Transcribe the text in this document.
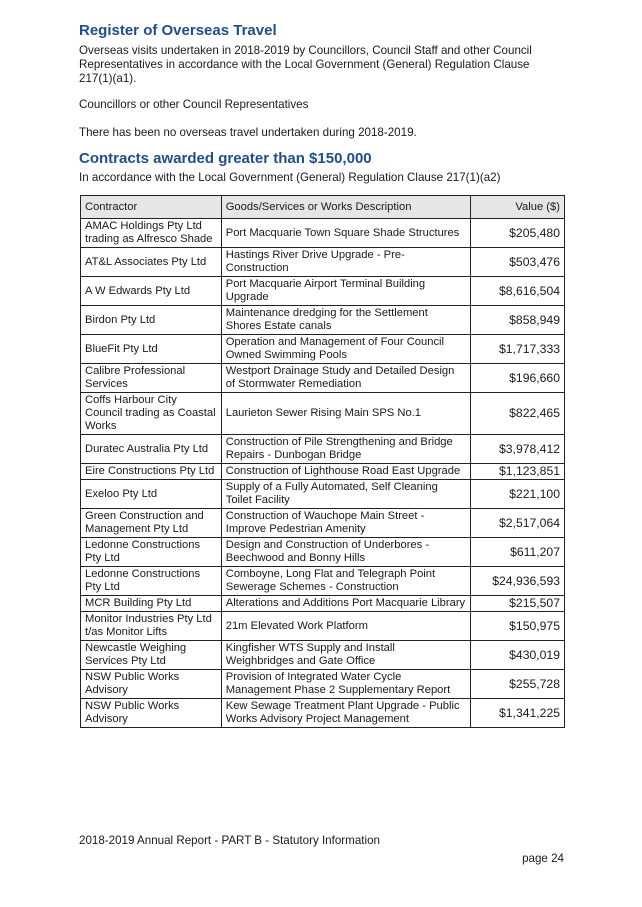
Register of Overseas Travel
Overseas visits undertaken in 2018-2019 by Councillors, Council Staff and other Council Representatives in accordance with the Local Government (General) Regulation Clause 217(1)(a1).
Councillors or other Council Representatives
There has been no overseas travel undertaken during 2018-2019.
Contracts awarded greater than $150,000
In accordance with the Local Government (General) Regulation Clause 217(1)(a2)
Contractor	Goods/Services or Works Description	Value ($)
AMAC Holdings Pty Ltd trading as Alfresco Shade	Port Macquarie Town Square Shade Structures	$205,480
AT&L Associates Pty Ltd	Hastings River Drive Upgrade - Pre-Construction	$503,476
A W Edwards Pty Ltd	Port Macquarie Airport Terminal Building Upgrade	$8,616,504
Birdon Pty Ltd	Maintenance dredging for the Settlement Shores Estate canals	$858,949
BlueFit Pty Ltd	Operation and Management of Four Council Owned Swimming Pools	$1,717,333
Calibre Professional Services	Westport Drainage Study and Detailed Design of Stormwater Remediation	$196,660
Coffs Harbour City Council trading as Coastal Works	Laurieton Sewer Rising Main SPS No.1	$822,465
Duratec Australia Pty Ltd	Construction of Pile Strengthening and Bridge Repairs - Dunbogan Bridge	$3,978,412
Eire Constructions Pty Ltd	Construction of Lighthouse Road East Upgrade	$1,123,851
Exeloo Pty Ltd	Supply of a Fully Automated, Self Cleaning Toilet Facility	$221,100
Green Construction and Management Pty Ltd	Construction of Wauchope Main Street - Improve Pedestrian Amenity	$2,517,064
Ledonne Constructions Pty Ltd	Design and Construction of Underbores - Beechwood and Bonny Hills	$611,207
Ledonne Constructions Pty Ltd	Comboyne, Long Flat and Telegraph Point Sewerage Schemes - Construction	$24,936,593
MCR Building Pty Ltd	Alterations and Additions Port Macquarie Library	$215,507
Monitor Industries Pty Ltd t/as Monitor Lifts	21m Elevated Work Platform	$150,975
Newcastle Weighing Services Pty Ltd	Kingfisher WTS Supply and Install Weighbridges and Gate Office	$430,019
NSW Public Works Advisory	Provision of Integrated Water Cycle Management Phase 2 Supplementary Report	$255,728
NSW Public Works Advisory	Kew Sewage Treatment Plant Upgrade - Public Works Advisory Project Management	$1,341,225
2018-2019 Annual Report - PART B - Statutory Information
page 24
